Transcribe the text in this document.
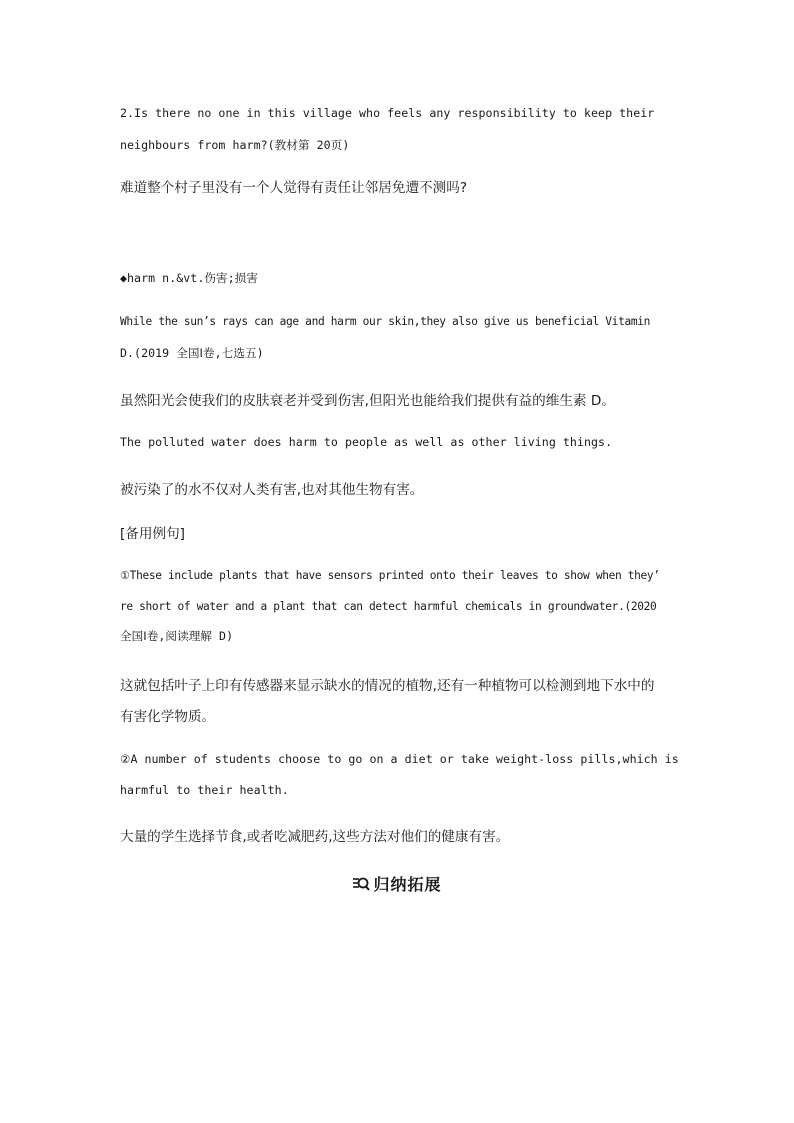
2.Is there no one in this village who feels any responsibility to keep their
neighbours from harm?(教材第 20页)
难道整个村子里没有一个人觉得有责任让邻居免遭不测吗?
◆harm n.&vt.伤害;损害
While the sun’s rays can age and harm our skin,they also give us beneficial Vitamin
D.(2019 全国Ⅰ卷,七选五)
虽然阳光会使我们的皮肤衰老并受到伤害,但阳光也能给我们提供有益的维生素 D。
The polluted water does harm to people as well as other living things.
被污染了的水不仅对人类有害,也对其他生物有害。
[备用例句]
①These include plants that have sensors printed onto their leaves to show when they’
re short of water and a plant that can detect harmful chemicals in groundwater.(2020
全国Ⅰ卷,阅读理解 D)
这就包括叶子上印有传感器来显示缺水的情况的植物,还有一种植物可以检测到地下水中的
有害化学物质。
②A number of students choose to go on a diet or take weight-loss pills,which is
harmful to their health.
大量的学生选择节食,或者吃减肥药,这些方法对他们的健康有害。
归纳拓展
